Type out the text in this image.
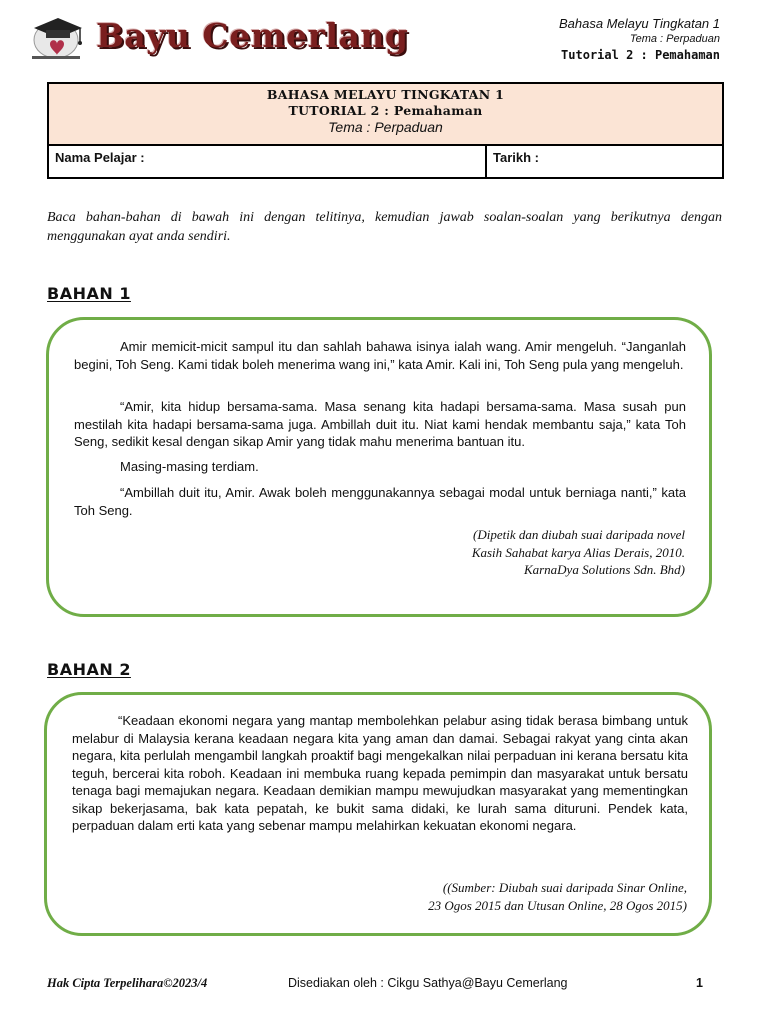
Bayu Cemerlang	Bahasa Melayu Tingkatan 1
Tema : Perpaduan
Tutorial 2 : Pemahaman
BAHASA MELAYU TINGKATAN 1
TUTORIAL 2 : Pemahaman
Tema : Perpaduan
Nama Pelajar :	Tarikh :
Baca bahan-bahan di bawah ini dengan telitinya, kemudian jawab soalan-soalan yang berikutnya dengan menggunakan ayat anda sendiri.
BAHAN 1
Amir memicit-micit sampul itu dan sahlah bahawa isinya ialah wang. Amir mengeluh. “Janganlah begini, Toh Seng. Kami tidak boleh menerima wang ini,” kata Amir. Kali ini, Toh Seng pula yang mengeluh.
“Amir, kita hidup bersama-sama. Masa senang kita hadapi bersama-sama. Masa susah pun mestilah kita hadapi bersama-sama juga. Ambillah duit itu. Niat kami hendak membantu saja,” kata Toh Seng, sedikit kesal dengan sikap Amir yang tidak mahu menerima bantuan itu.
Masing-masing terdiam.
“Ambillah duit itu, Amir. Awak boleh menggunakannya sebagai modal untuk berniaga nanti,” kata Toh Seng.
(Dipetik dan diubah suai daripada novel
Kasih Sahabat karya Alias Derais, 2010.
KarnaDya Solutions Sdn. Bhd)
BAHAN 2
“Keadaan ekonomi negara yang mantap membolehkan pelabur asing tidak berasa bimbang untuk melabur di Malaysia kerana keadaan negara kita yang aman dan damai. Sebagai rakyat yang cinta akan negara, kita perlulah mengambil langkah proaktif bagi mengekalkan nilai perpaduan ini kerana bersatu kita teguh, bercerai kita roboh. Keadaan ini membuka ruang kepada pemimpin dan masyarakat untuk bersatu tenaga bagi memajukan negara. Keadaan demikian mampu mewujudkan masyarakat yang mementingkan sikap bekerjasama, bak kata pepatah, ke bukit sama didaki, ke lurah sama dituruni. Pendek kata, perpaduan dalam erti kata yang sebenar mampu melahirkan kekuatan ekonomi negara.
((Sumber: Diubah suai daripada Sinar Online,
23 Ogos 2015 dan Utusan Online, 28 Ogos 2015)
Hak Cipta Terpelihara©2023/4	Disediakan oleh : Cikgu Sathya@Bayu Cemerlang	1
